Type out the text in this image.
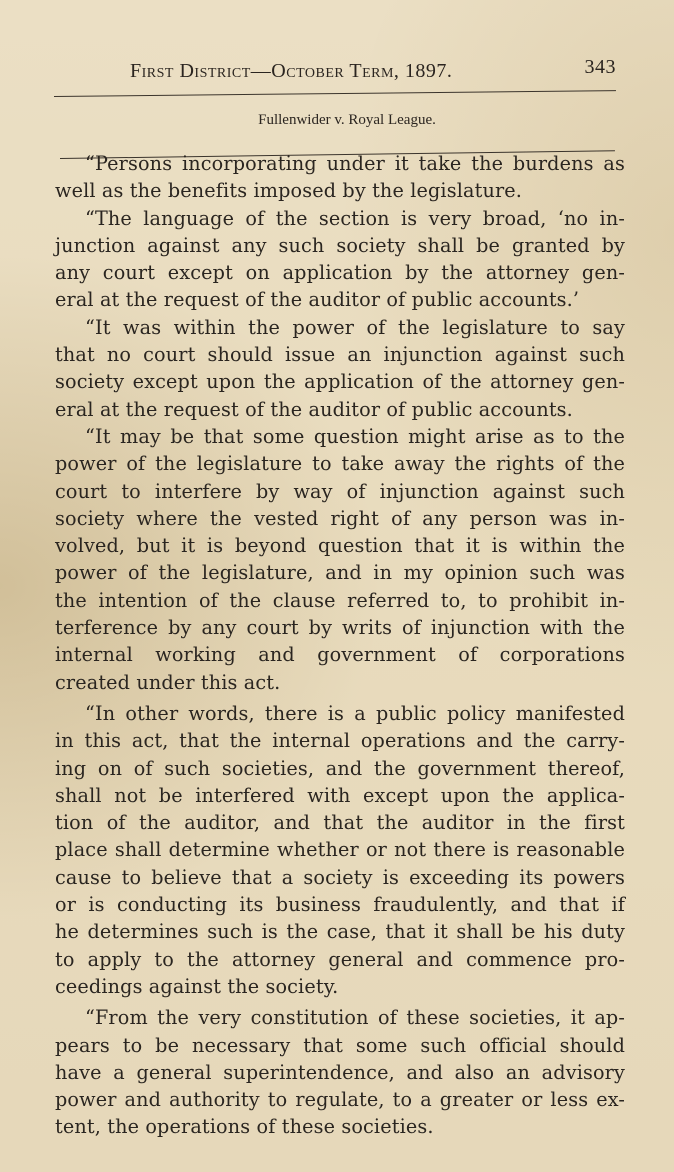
First District—October Term, 1897.	343
Fullenwider v. Royal League.
“Persons incorporating under it take the burdens as
well as the benefits imposed by the legislature.
“The language of the section is very broad, ‘no in-
junction against any such society shall be granted by
any court except on application by the attorney gen-
eral at the request of the auditor of public accounts.’
“It was within the power of the legislature to say
that no court should issue an injunction against such
society except upon the application of the attorney gen-
eral at the request of the auditor of public accounts.
“It may be that some question might arise as to the
power of the legislature to take away the rights of the
court to interfere by way of injunction against such
society where the vested right of any person was in-
volved, but it is beyond question that it is within the
power of the legislature, and in my opinion such was
the intention of the clause referred to, to prohibit in-
terference by any court by writs of injunction with the
internal working and government of corporations
created under this act.
“In other words, there is a public policy manifested
in this act, that the internal operations and the carry-
ing on of such societies, and the government thereof,
shall not be interfered with except upon the applica-
tion of the auditor, and that the auditor in the first
place shall determine whether or not there is reasonable
cause to believe that a society is exceeding its powers
or is conducting its business fraudulently, and that if
he determines such is the case, that it shall be his duty
to apply to the attorney general and commence pro-
ceedings against the society.
“From the very constitution of these societies, it ap-
pears to be necessary that some such official should
have a general superintendence, and also an advisory
power and authority to regulate, to a greater or less ex-
tent, the operations of these societies.
